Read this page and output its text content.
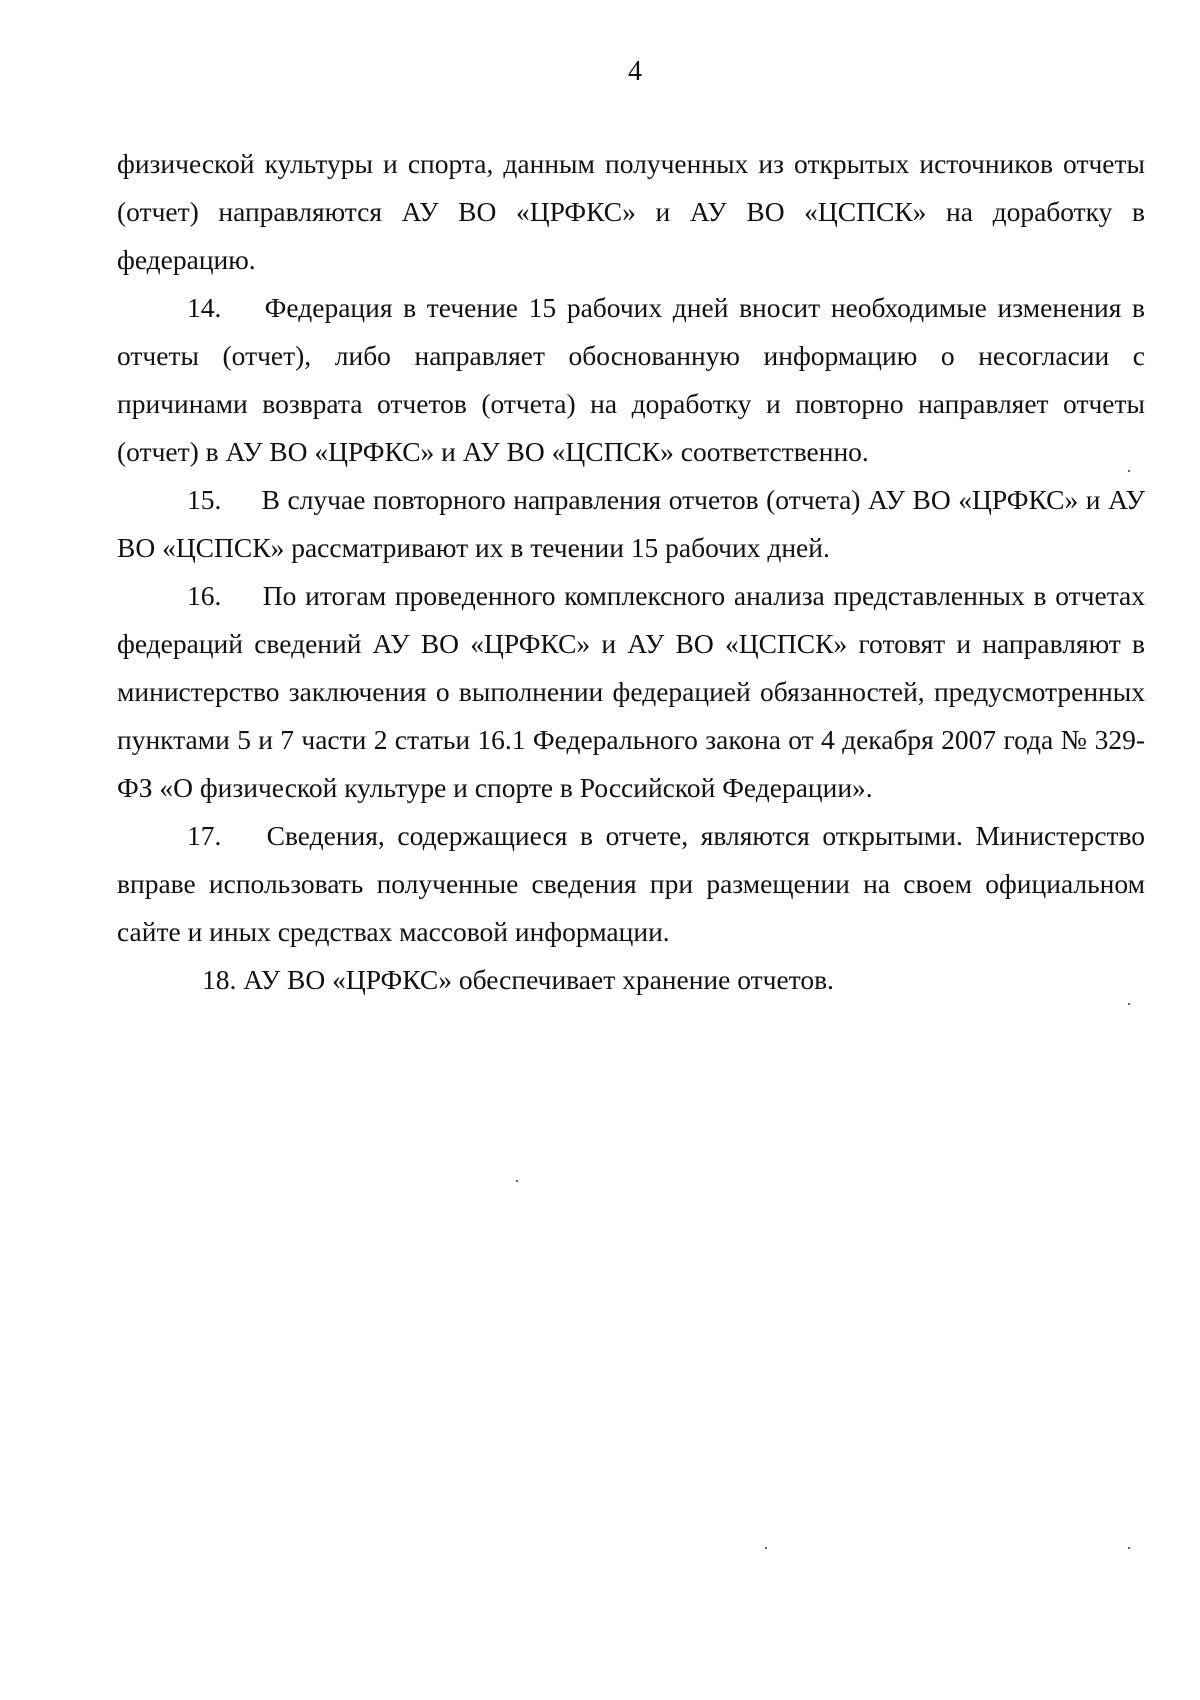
4

физической культуры и спорта, данным полученных из открытых источников отчеты (отчет) направляются АУ ВО «ЦРФКС» и АУ ВО «ЦСПСК» на доработку в федерацию.

14. Федерация в течение 15 рабочих дней вносит необходимые изменения в отчеты (отчет), либо направляет обоснованную информацию о несогласии с причинами возврата отчетов (отчета) на доработку и повторно направляет отчеты (отчет) в АУ ВО «ЦРФКС» и АУ ВО «ЦСПСК» соответственно.

15. В случае повторного направления отчетов (отчета) АУ ВО «ЦРФКС» и АУ ВО «ЦСПСК» рассматривают их в течении 15 рабочих дней.

16. По итогам проведенного комплексного анализа представленных в отчетах федераций сведений АУ ВО «ЦРФКС» и АУ ВО «ЦСПСК» готовят и направляют в министерство заключения о выполнении федерацией обязанностей, предусмотренных пунктами 5 и 7 части 2 статьи 16.1 Федерального закона от 4 декабря 2007 года № 329-ФЗ «О физической культуре и спорте в Российской Федерации».

17. Сведения, содержащиеся в отчете, являются открытыми. Министерство вправе использовать полученные сведения при размещении на своем официальном сайте и иных средствах массовой информации.

18. АУ ВО «ЦРФКС» обеспечивает хранение отчетов.
